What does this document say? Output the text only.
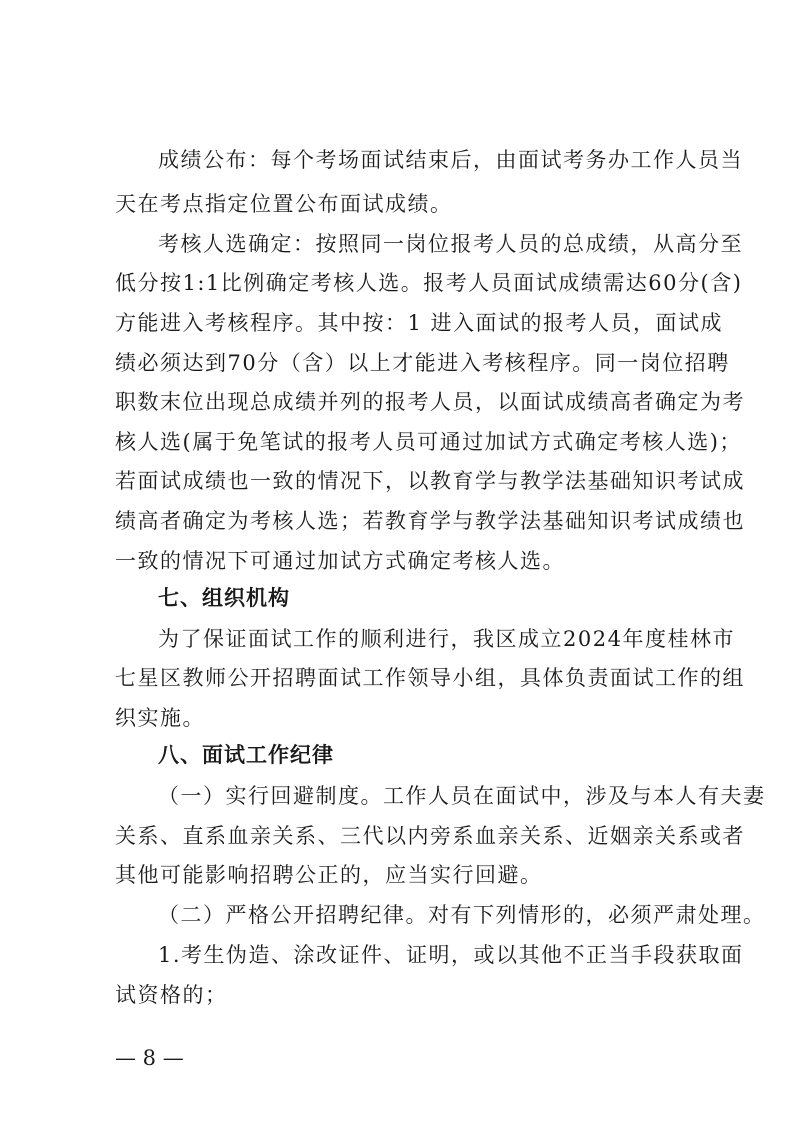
成绩公布：每个考场面试结束后，由面试考务办工作人员当
天在考点指定位置公布面试成绩。
考核人选确定：按照同一岗位报考人员的总成绩，从高分至
低分按1:1比例确定考核人选。报考人员面试成绩需达60分(含)
方能进入考核程序。其中按：1 进入面试的报考人员，面试成
绩必须达到70分（含）以上才能进入考核程序。同一岗位招聘
职数末位出现总成绩并列的报考人员，以面试成绩高者确定为考
核人选(属于免笔试的报考人员可通过加试方式确定考核人选)；
若面试成绩也一致的情况下，以教育学与教学法基础知识考试成
绩高者确定为考核人选；若教育学与教学法基础知识考试成绩也
一致的情况下可通过加试方式确定考核人选。
七、组织机构
为了保证面试工作的顺利进行，我区成立2024年度桂林市
七星区教师公开招聘面试工作领导小组，具体负责面试工作的组
织实施。
八、面试工作纪律
（一）实行回避制度。工作人员在面试中，涉及与本人有夫妻
关系、直系血亲关系、三代以内旁系血亲关系、近姻亲关系或者
其他可能影响招聘公正的，应当实行回避。
（二）严格公开招聘纪律。对有下列情形的，必须严肃处理。
1.考生伪造、涂改证件、证明，或以其他不正当手段获取面
试资格的；
— 8 —
